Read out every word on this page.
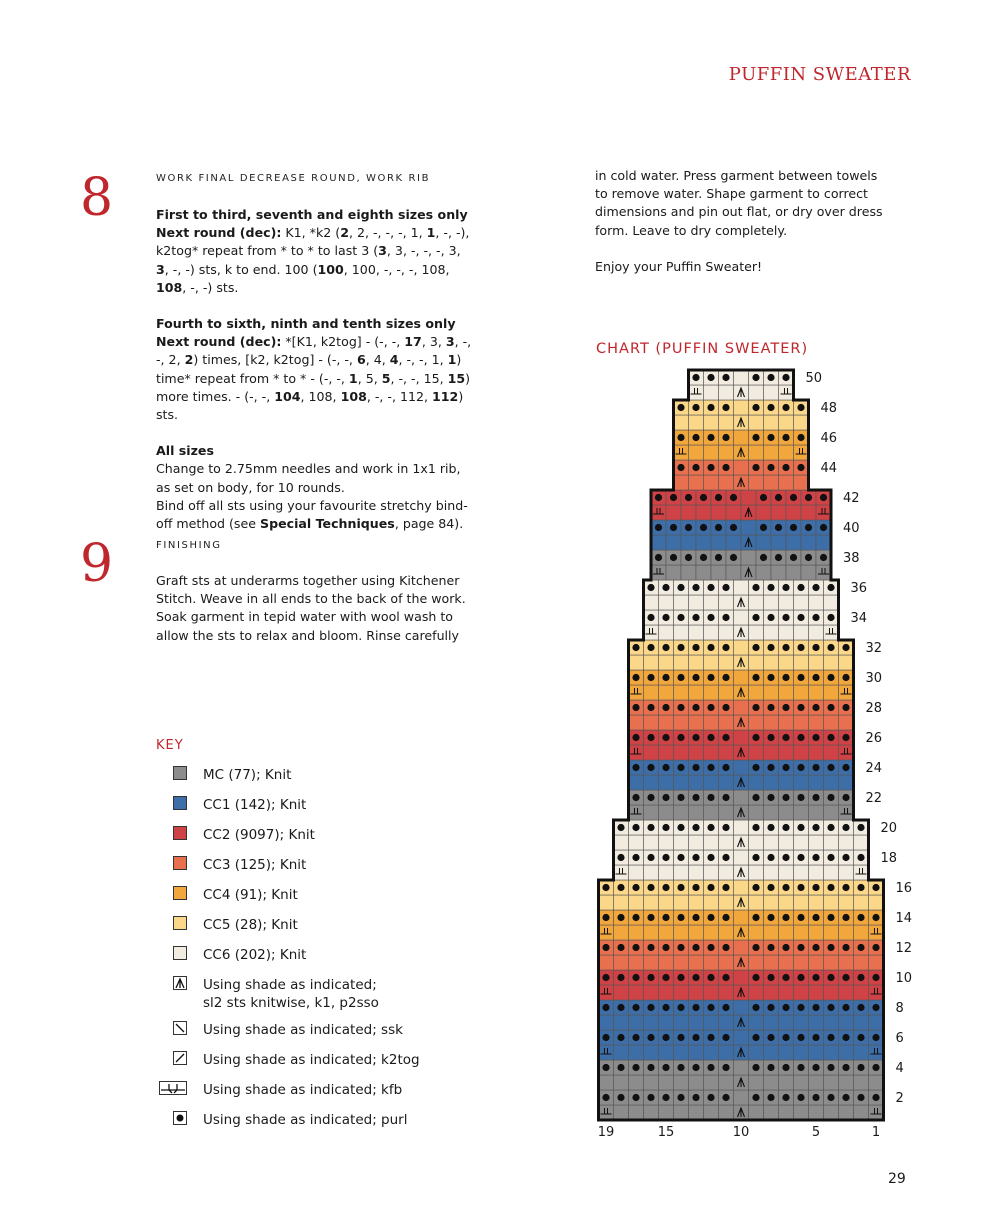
PUFFIN SWEATER
8	WORK FINAL DECREASE ROUND, WORK RIB

First to third, seventh and eighth sizes only

Next round (dec): K1, *k2 (2, 2, -, -, -, 1, 1, -, -),

k2tog* repeat from * to * to last 3 (3, 3, -, -, -, 3,

3, -, -) sts, k to end. 100 (100, 100, -, -, -, 108,

108, -, -) sts.

Fourth to sixth, ninth and tenth sizes only

Next round (dec): *[K1, k2tog] - (-, -, 17, 3, 3, -,

-, 2, 2) times, [k2, k2tog] - (-, -, 6, 4, 4, -, -, 1, 1)

time* repeat from * to * - (-, -, 1, 5, 5, -, -, 15, 15)

more times. - (-, -, 104, 108, 108, -, -, 112, 112) sts.

All sizes

Change to 2.75mm needles and work in 1x1 rib,

as set on body, for 10 rounds.

Bind off all sts using your favourite stretchy bind-

off method (see Special Techniques, page 84).

9	FINISHING

Graft sts at underarms together using Kitchener

Stitch. Weave in all ends to the back of the work.

Soak garment in tepid water with wool wash to

allow the sts to relax and bloom. Rinse carefully

in cold water. Press garment between towels

to remove water. Shape garment to correct

dimensions and pin out flat, or dry over dress

form. Leave to dry completely.

Enjoy your Puffin Sweater!

KEY
MC (77); Knit
CC1 (142); Knit
CC2 (9097); Knit
CC3 (125); Knit
CC4 (91); Knit
CC5 (28); Knit
CC6 (202); Knit
Using shade as indicated;
sl2 sts knitwise, k1, p2sso
Using shade as indicated; ssk
Using shade as indicated; k2tog
Using shade as indicated; kfb
Using shade as indicated; purl
CHART (PUFFIN SWEATER)
2
4
6
8
10
12
14
16
18
20
22
24
26
28
30
32
34
36
38
40
42
44
46
48
50
19	15	10	5	1
29
